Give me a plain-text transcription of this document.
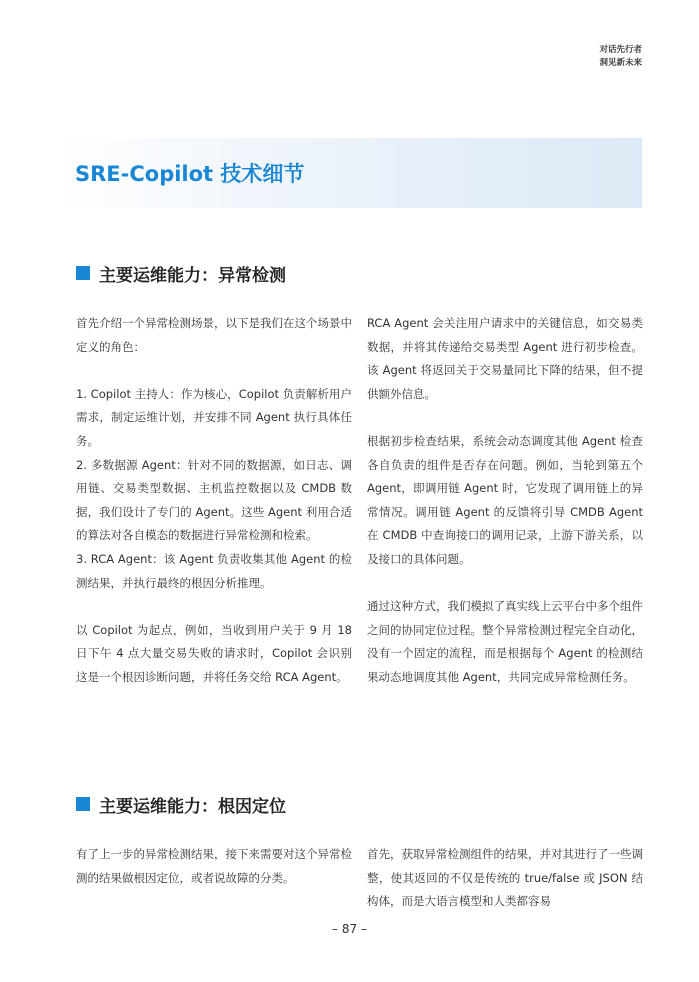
对话先行者
洞见新未来
SRE-Copilot 技术细节
主要运维能力：异常检测

首先介绍一个异常检测场景，以下是我们在这个场景中定义的角色：

1. Copilot 主持人：作为核心，Copilot 负责解析用户需求，制定运维计划，并安排不同 Agent 执行具体任务。

2. 多数据源 Agent：针对不同的数据源，如日志、调用链、交易类型数据、主机监控数据以及 CMDB 数据，我们设计了专门的 Agent。这些 Agent 利用合适的算法对各自模态的数据进行异常检测和检索。

3. RCA Agent：该 Agent 负责收集其他 Agent 的检测结果，并执行最终的根因分析推理。

以 Copilot 为起点，例如，当收到用户关于 9 月 18 日下午 4 点大量交易失败的请求时，Copilot 会识别这是一个根因诊断问题，并将任务交给 RCA Agent。

RCA Agent 会关注用户请求中的关键信息，如交易类数据，并将其传递给交易类型 Agent 进行初步检查。该 Agent 将返回关于交易量同比下降的结果，但不提供额外信息。

根据初步检查结果，系统会动态调度其他 Agent 检查各自负责的组件是否存在问题。例如，当轮到第五个 Agent，即调用链 Agent 时，它发现了调用链上的异常情况。调用链 Agent 的反馈将引导 CMDB Agent 在 CMDB 中查询接口的调用记录，上游下游关系，以及接口的具体问题。

通过这种方式，我们模拟了真实线上云平台中多个组件之间的协同定位过程。整个异常检测过程完全自动化，没有一个固定的流程，而是根据每个 Agent 的检测结果动态地调度其他 Agent，共同完成异常检测任务。

主要运维能力：根因定位

有了上一步的异常检测结果，接下来需要对这个异常检测的结果做根因定位，或者说故障的分类。

首先，获取异常检测组件的结果，并对其进行了一些调整，使其返回的不仅是传统的 true/false 或 JSON 结构体，而是大语言模型和人类都容易

– 87 –
